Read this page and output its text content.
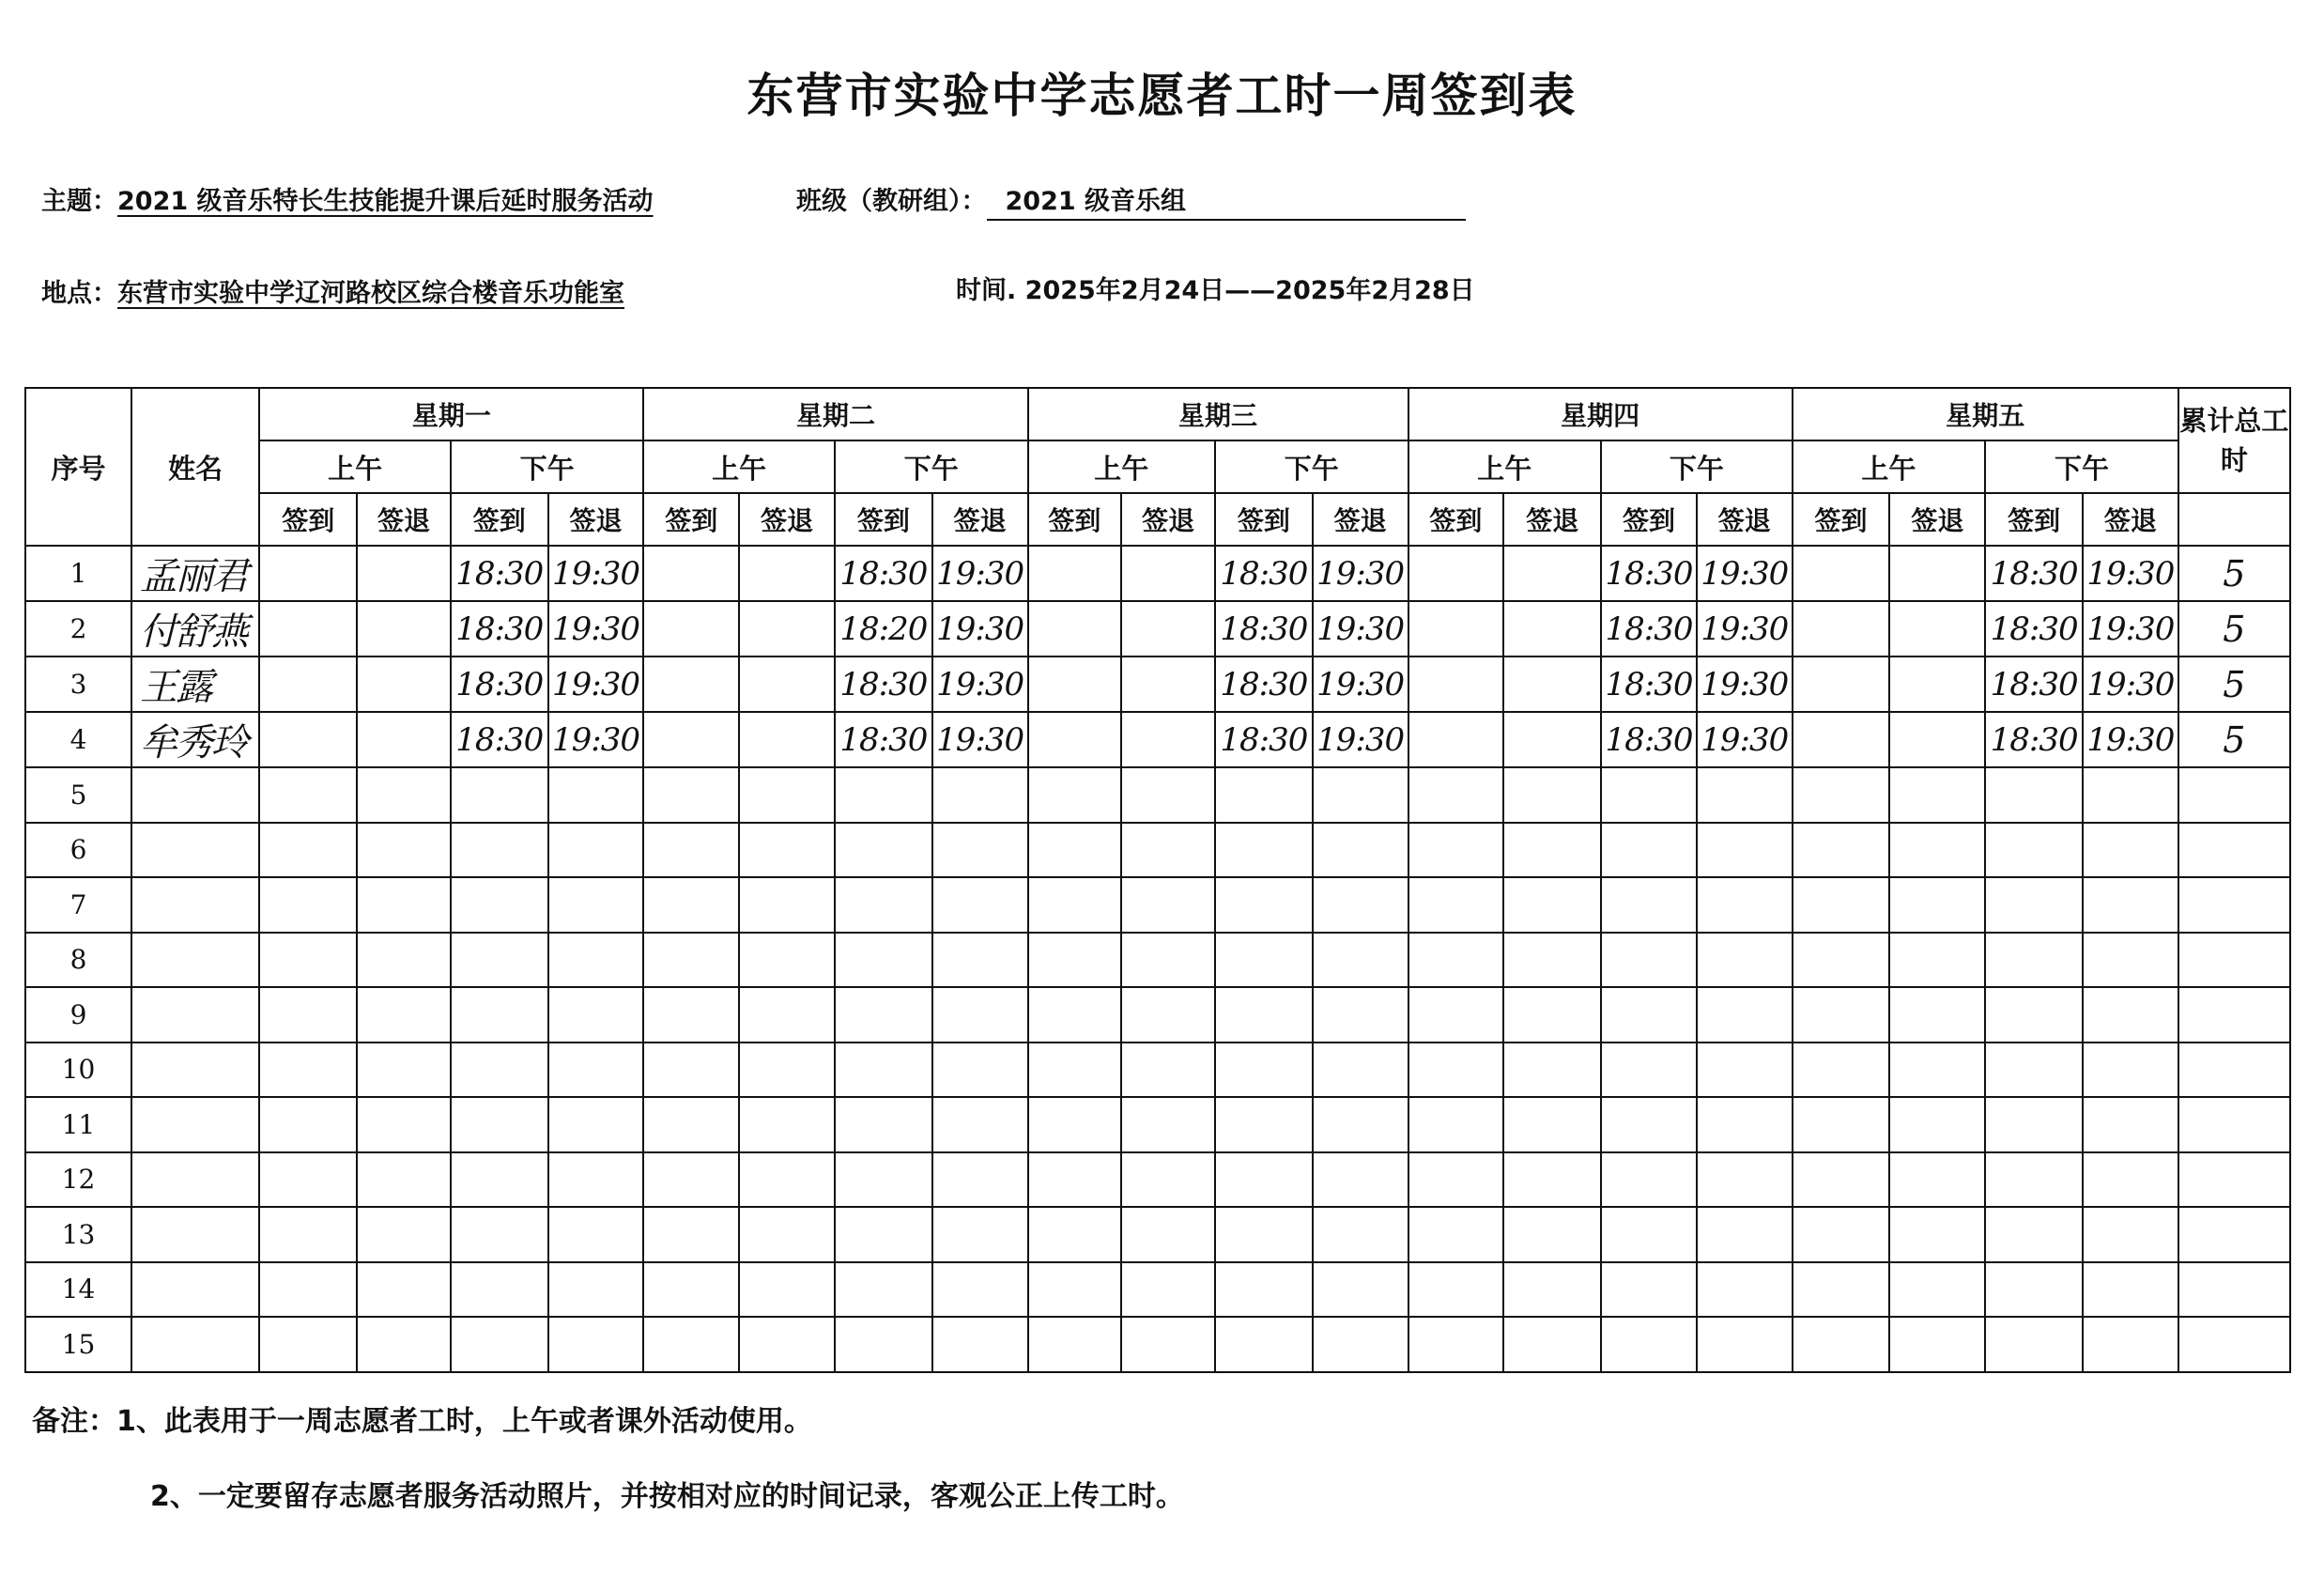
东营市实验中学志愿者工时一周签到表
主题：2021 级音乐特长生技能提升课后延时服务活动	班级（教研组）： 2021 级音乐组
地点：东营市实验中学辽河路校区综合楼音乐功能室	时间. 2025年2月24日——2025年2月28日
序号	姓名	星期一				星期二				星期三				星期四				星期五				累计总工时
		上午		下午		上午		下午		上午		下午		上午		下午		上午		下午		
		签到	签退	签到	签退	签到	签退	签到	签退	签到	签退	签到	签退	签到	签退	签到	签退	签到	签退	签到	签退	
1	孟丽君			18:30	19:30			18:30	19:30			18:30	19:30			18:30	19:30			18:30	19:30	5
2	付舒燕			18:30	19:30			18:20	19:30			18:30	19:30			18:30	19:30			18:30	19:30	5
3	王露			18:30	19:30			18:30	19:30			18:30	19:30			18:30	19:30			18:30	19:30	5
4	牟秀玲			18:30	19:30			18:30	19:30			18:30	19:30			18:30	19:30			18:30	19:30	5
5																						
6																						
7																						
8																						
9																						
10																						
11																						
12																						
13																						
14																						
15																						
备注：1、此表用于一周志愿者工时，上午或者课外活动使用。
2、一定要留存志愿者服务活动照片，并按相对应的时间记录，客观公正上传工时。
